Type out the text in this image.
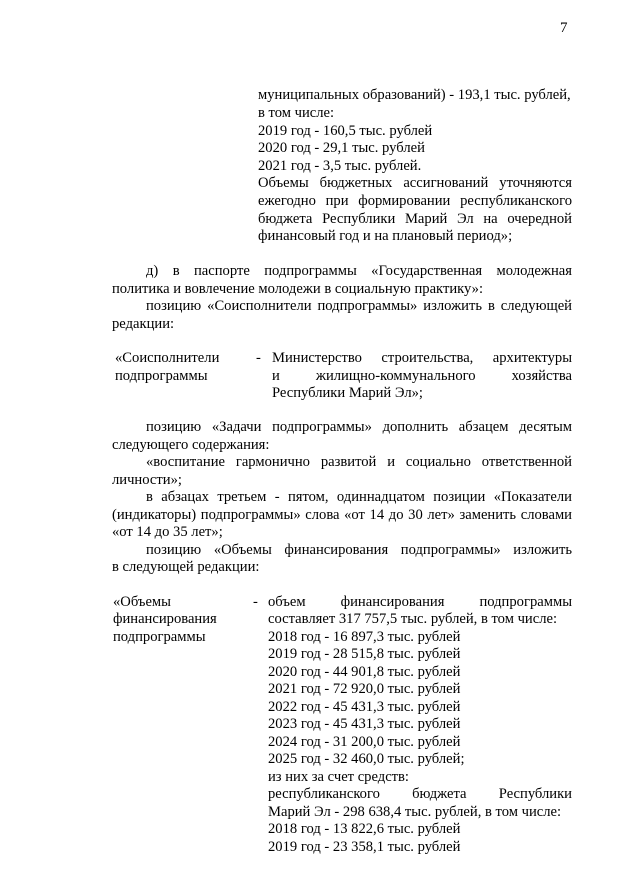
7
муниципальных образований) - 193,1 тыс. рублей,
в том числе:
2019 год - 160,5 тыс. рублей
2020 год - 29,1 тыс. рублей
2021 год - 3,5 тыс. рублей.
Объемы бюджетных ассигнований уточняются
ежегодно при формировании республиканского
бюджета Республики Марий Эл на очередной
финансовый год и на плановый период»;
д) в паспорте подпрограммы «Государственная молодежная
политика и вовлечение молодежи в социальную практику»:
позицию «Соисполнители подпрограммы» изложить в следующей
редакции:
«Соисполнители
подпрограммы
- Министерство строительства, архитектуры
и жилищно-коммунального хозяйства
Республики Марий Эл»;
позицию «Задачи подпрограммы» дополнить абзацем десятым
следующего содержания:
«воспитание гармонично развитой и социально ответственной
личности»;
в абзацах третьем - пятом, одиннадцатом позиции «Показатели
(индикаторы) подпрограммы» слова «от 14 до 30 лет» заменить словами
«от 14 до 35 лет»;
позицию «Объемы финансирования подпрограммы» изложить
в следующей редакции:
«Объемы
финансирования
подпрограммы
- объем финансирования подпрограммы
составляет 317 757,5 тыс. рублей, в том числе:
2018 год - 16 897,3 тыс. рублей
2019 год - 28 515,8 тыс. рублей
2020 год - 44 901,8 тыс. рублей
2021 год - 72 920,0 тыс. рублей
2022 год - 45 431,3 тыс. рублей
2023 год - 45 431,3 тыс. рублей
2024 год - 31 200,0 тыс. рублей
2025 год - 32 460,0 тыс. рублей;
из них за счет средств:
республиканского бюджета Республики
Марий Эл - 298 638,4 тыс. рублей, в том числе:
2018 год - 13 822,6 тыс. рублей
2019 год - 23 358,1 тыс. рублей
